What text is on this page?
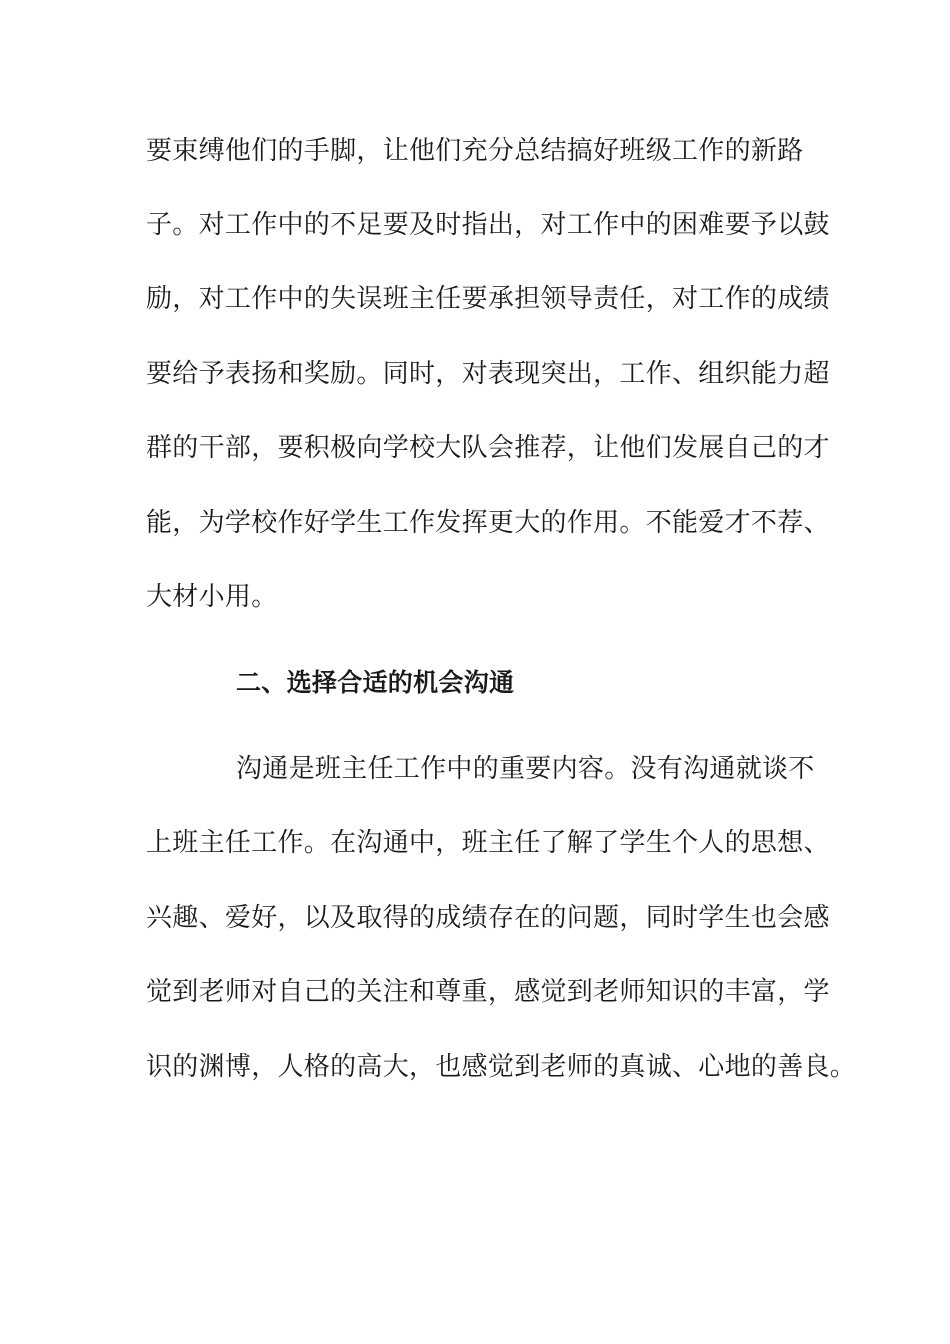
要束缚他们的手脚，让他们充分总结搞好班级工作的新路
子。对工作中的不足要及时指出，对工作中的困难要予以鼓
励，对工作中的失误班主任要承担领导责任，对工作的成绩
要给予表扬和奖励。同时，对表现突出，工作、组织能力超
群的干部，要积极向学校大队会推荐，让他们发展自己的才
能，为学校作好学生工作发挥更大的作用。不能爱才不荐、
大材小用。
二、选择合适的机会沟通
沟通是班主任工作中的重要内容。没有沟通就谈不
上班主任工作。在沟通中，班主任了解了学生个人的思想、
兴趣、爱好，以及取得的成绩存在的问题，同时学生也会感
觉到老师对自己的关注和尊重，感觉到老师知识的丰富，学
识的渊博，人格的高大，也感觉到老师的真诚、心地的善良。
